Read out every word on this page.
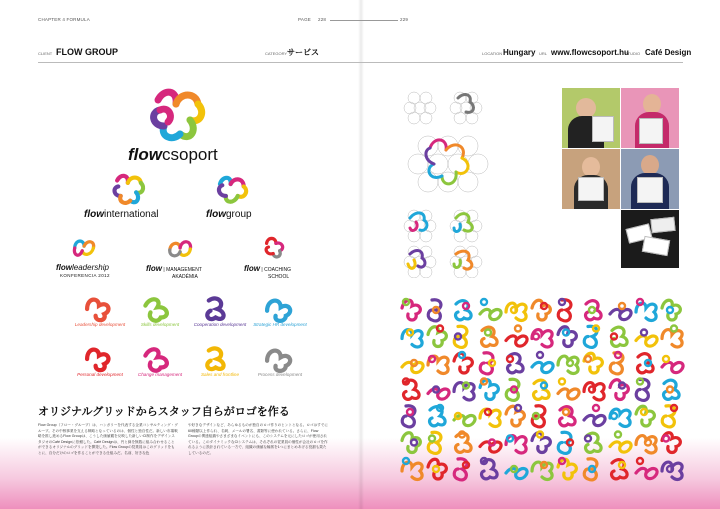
CHAPTER 4 FORMULA	PAGE 228	229
CLIENT FLOW GROUP	CATEGORY サービス	LOCATION Hungary URL www.flowcsoport.hu
STUDIO Café Design
flowcsoport
flowinternational	flowgroup
flowleadership
KONFERENCIA 2012
flow | MANAGEMENT
AKADÉMIA
flow | COACHING
SCHOOL
Leadership development	Skills development	Cooperation development	Strategic HR development
Personal development	Change management	Sales and frontline	Process development
オリジナルグリッドからスタッフ自らがロゴを作る
Flow Group（フロー・グループ）は、ハンガリーを代表する企業コンサルティング・グループ。その中核事業を支える戦略となっているのは、個性と独自性だ。新しい市場戦略を推し進めるFlow Groupは、こうした価値観を反映した新しいCI制作をデザインスタジオのCafé Designに依頼した。Café Designは、円と線を無数に組み合わせることができるオリジナルのグリッドを開発した。Flow Groupの従業員はこのグリッドをもとに、自分だけのロゴを作ることができる仕組みだ。名前、好きな色
や好きなデザインなど、あらゆるものが独自のロゴ作りのヒントとなる。ロゴはすでに60種類以上作られ、名刺、メールの署名、書類等に使われている。さらに、Flow Groupの関連組織やさまざまなイベントにも、このシステムを元にしたロゴが使用されている。このダイナミックなCIシステムは、それぞれの従業員の個性が会社のロゴを作れるように設計されている一方で、組織の価値な輪郭を1つにまとめあげる役割も果たしているのだ。
